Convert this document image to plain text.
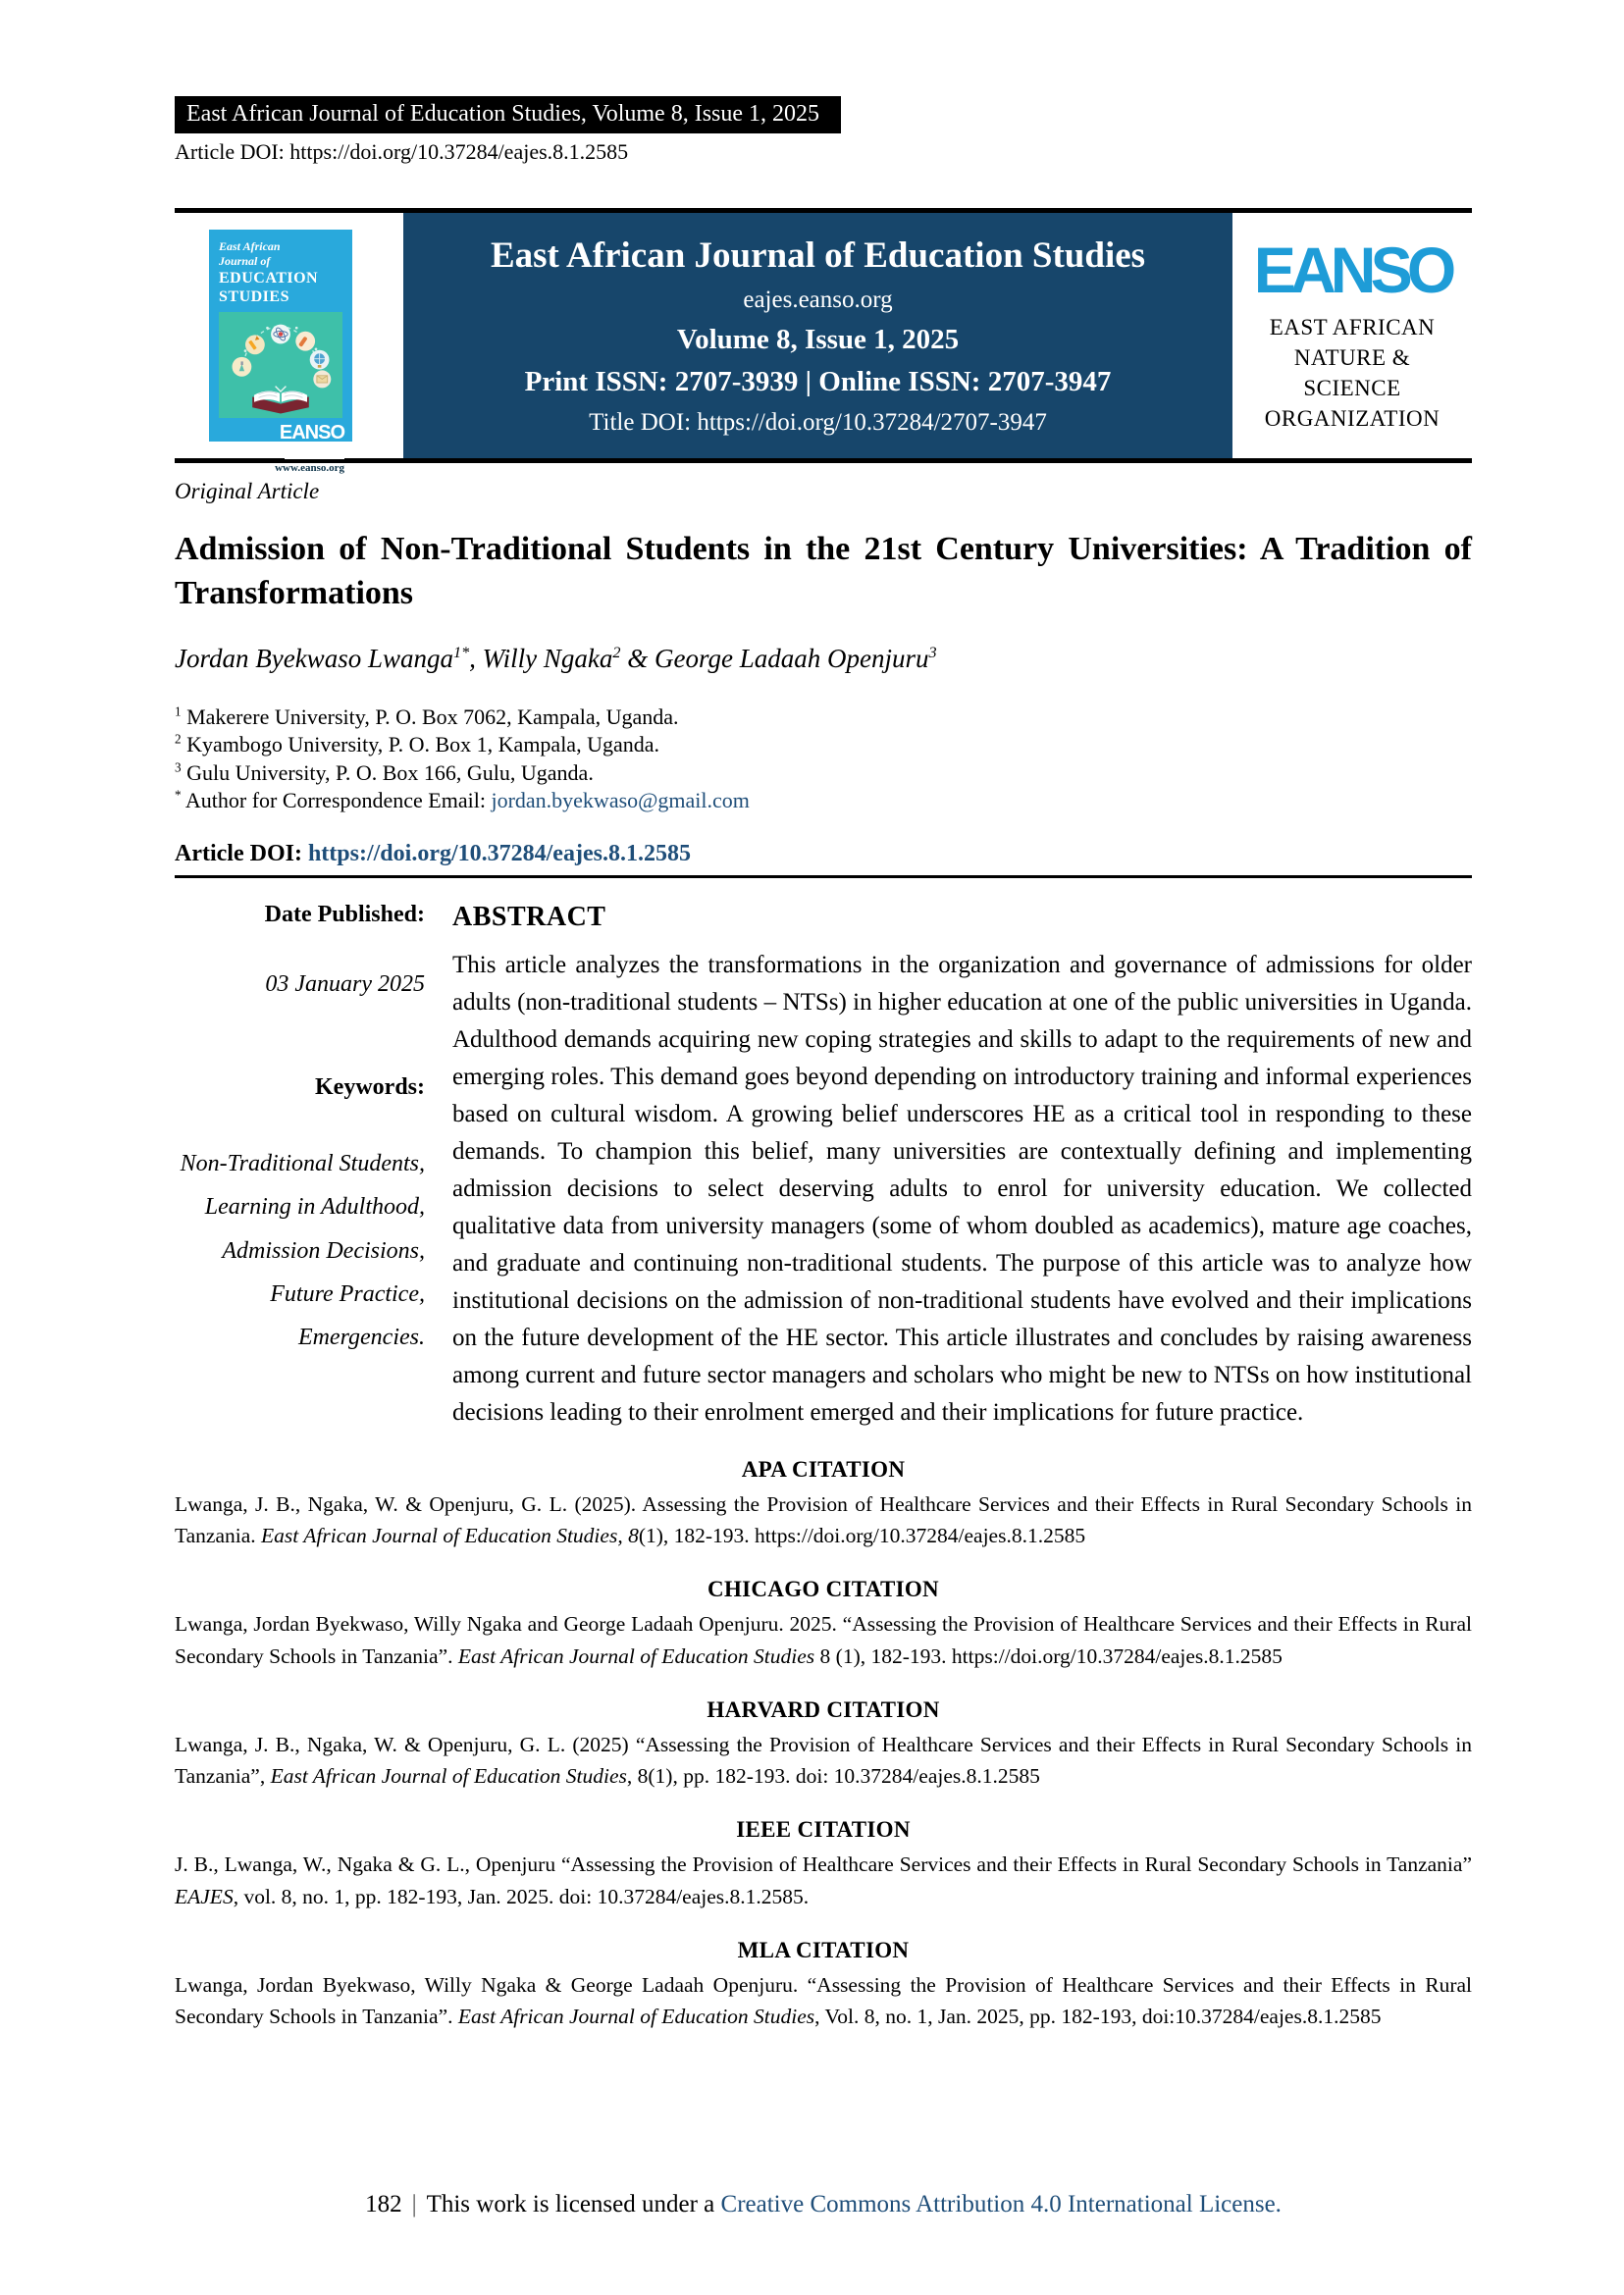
East African Journal of Education Studies, Volume 8, Issue 1, 2025
Article DOI: https://doi.org/10.37284/eajes.8.1.2585
East African
Journal of
EDUCATION
STUDIES
EANSO
JOURNALS
www.eanso.org
East African Journal of Education Studies
eajes.eanso.org
Volume 8, Issue 1, 2025
Print ISSN: 2707-3939 | Online ISSN: 2707-3947
Title DOI: https://doi.org/10.37284/2707-3947
EANSO
EAST AFRICAN
NATURE &
SCIENCE
ORGANIZATION
Original Article
Admission of Non-Traditional Students in the 21st Century Universities: A Tradition of Transformations
Jordan Byekwaso Lwanga$^{1*}$, Willy Ngaka$^2$ & George Ladaah Openjuru$^3$
$^1$ Makerere University, P. O. Box 7062, Kampala, Uganda.
$^2$ Kyambogo University, P. O. Box 1, Kampala, Uganda.
$^3$ Gulu University, P. O. Box 166, Gulu, Uganda.
* Author for Correspondence Email: jordan.byekwaso@gmail.com
Article DOI: https://doi.org/10.37284/eajes.8.1.2585
Date Published:
03 January 2025
Keywords:
Non-Traditional Students, Learning in Adulthood, Admission Decisions, Future Practice, Emergencies.
ABSTRACT

This article analyzes the transformations in the organization and governance of admissions for older adults (non-traditional students – NTSs) in higher education at one of the public universities in Uganda. Adulthood demands acquiring new coping strategies and skills to adapt to the requirements of new and emerging roles. This demand goes beyond depending on introductory training and informal experiences based on cultural wisdom. A growing belief underscores HE as a critical tool in responding to these demands. To champion this belief, many universities are contextually defining and implementing admission decisions to select deserving adults to enrol for university education. We collected qualitative data from university managers (some of whom doubled as academics), mature age coaches, and graduate and continuing non-traditional students. The purpose of this article was to analyze how institutional decisions on the admission of non-traditional students have evolved and their implications on the future development of the HE sector. This article illustrates and concludes by raising awareness among current and future sector managers and scholars who might be new to NTSs on how institutional decisions leading to their enrolment emerged and their implications for future practice.

APA CITATION

Lwanga, J. B., Ngaka, W. & Openjuru, G. L. (2025). Assessing the Provision of Healthcare Services and their Effects in Rural Secondary Schools in Tanzania. East African Journal of Education Studies, 8(1), 182-193. https://doi.org/10.37284/eajes.8.1.2585

CHICAGO CITATION

Lwanga, Jordan Byekwaso, Willy Ngaka and George Ladaah Openjuru. 2025. “Assessing the Provision of Healthcare Services and their Effects in Rural Secondary Schools in Tanzania”. East African Journal of Education Studies 8 (1), 182-193. https://doi.org/10.37284/eajes.8.1.2585

HARVARD CITATION

Lwanga, J. B., Ngaka, W. & Openjuru, G. L. (2025) “Assessing the Provision of Healthcare Services and their Effects in Rural Secondary Schools in Tanzania”, East African Journal of Education Studies, 8(1), pp. 182-193. doi: 10.37284/eajes.8.1.2585

IEEE CITATION

J. B., Lwanga, W., Ngaka & G. L., Openjuru “Assessing the Provision of Healthcare Services and their Effects in Rural Secondary Schools in Tanzania” EAJES, vol. 8, no. 1, pp. 182-193, Jan. 2025. doi: 10.37284/eajes.8.1.2585.

MLA CITATION

Lwanga, Jordan Byekwaso, Willy Ngaka & George Ladaah Openjuru. “Assessing the Provision of Healthcare Services and their Effects in Rural Secondary Schools in Tanzania”. East African Journal of Education Studies, Vol. 8, no. 1, Jan. 2025, pp. 182-193, doi:10.37284/eajes.8.1.2585

182 | This work is licensed under a Creative Commons Attribution 4.0 International License.
